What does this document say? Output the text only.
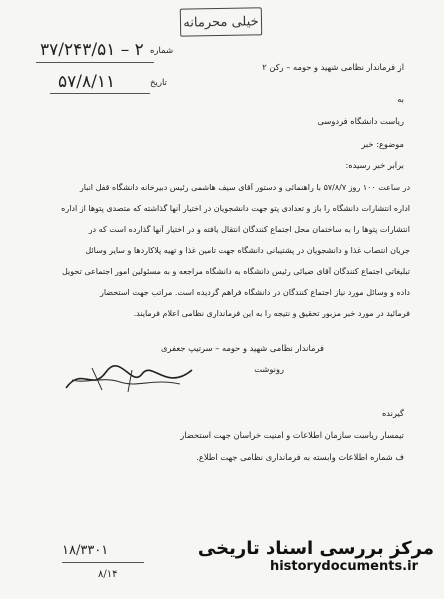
خیلی محرمانه
۳۷/۲۴۳/۵۱ – ۲ شماره
۵۷/۸/۱۱	تاریخ
از فرماندار نظامی شهید و حومه – رکن ۲
به
ریاست دانشگاه فردوسی
موضوع: خبر
برابر خبر رسیده:
در ساعت ۱۰۰ روز ۵۷/۸/۷ با راهنمائی و دستور آقای سیف هاشمی رئیس دبیرخانه دانشگاه قفل انبار
اداره انتشارات دانشگاه را باز و تعدادی پتو جهت دانشجویان در اختیار آنها گذاشته که متصدی پتوها از اداره
انتشارات پتوها را به ساختمان محل اجتماع کنندگان انتقال یافته و در اختیار آنها گذارده است که در
جریان انتصاب غذا و دانشجویان در پشتیبانی دانشگاه جهت تامین غذا و تهیه پلاکاردها و سایر وسائل
تبلیغاتی اجتماع کنندگان آقای ضیائی رئیس دانشگاه به دانشگاه مراجعه و به مسئولین امور اجتماعی تحویل
داده و وسائل مورد نیاز اجتماع کنندگان در دانشگاه فراهم گردیده است. مراتب جهت استحضار
فرمائید در مورد خبر مزبور تحقیق و نتیجه را به این فرمانداری نظامی اعلام فرمایند.
فرماندار نظامی شهید و حومه – سرتیپ جعفری
رونوشت
گیرنده
تیمسار ریاست سازمان اطلاعات و امنیت خراسان جهت استحضار
ف شماره اطلاعات وابسته به فرمانداری نظامی جهت اطلاع.
۱۸/۳۳۰۱
۸/۱۴
مرکز بررسی اسناد تاریخی
historydocuments.ir
